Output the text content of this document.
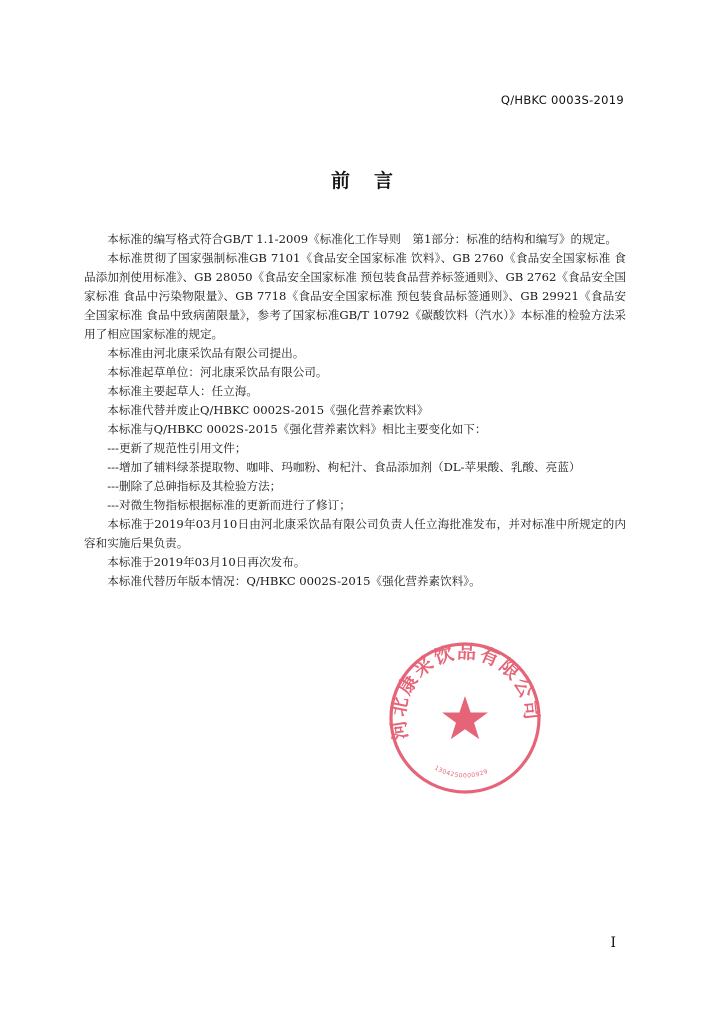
Q/HBKC 0003S-2019
前言

本标准的编写格式符合GB/T 1.1-2009《标准化工作导则　第1部分：标准的结构和编写》的规定。

本标准贯彻了国家强制标准GB 7101《食品安全国家标准 饮料》、GB 2760《食品安全国家标准 食品添加剂使用标准》、GB 28050《食品安全国家标准 预包装食品营养标签通则》、GB 2762《食品安全国家标准 食品中污染物限量》、GB 7718《食品安全国家标准 预包装食品标签通则》、GB 29921《食品安全国家标准 食品中致病菌限量》，参考了国家标准GB/T 10792《碳酸饮料（汽水）》本标准的检验方法采用了相应国家标准的规定。

本标准由河北康采饮品有限公司提出。

本标准起草单位：河北康采饮品有限公司。

本标准主要起草人：任立海。

本标准代替并废止Q/HBKC 0002S-2015《强化营养素饮料》

本标准与Q/HBKC 0002S-2015《强化营养素饮料》相比主要变化如下：

---更新了规范性引用文件；

---增加了辅料绿茶提取物、咖啡、玛咖粉、枸杞汁、食品添加剂（DL-苹果酸、乳酸、亮蓝）

---删除了总砷指标及其检验方法；

---对微生物指标根据标准的更新而进行了修订；

本标准于2019年03月10日由河北康采饮品有限公司负责人任立海批准发布，并对标准中所规定的内容和实施后果负责。

本标准于2019年03月10日再次发布。

本标准代替历年版本情况：Q/HBKC 0002S-2015《强化营养素饮料》。

河北康采饮品有限公司
1304250000929
I
